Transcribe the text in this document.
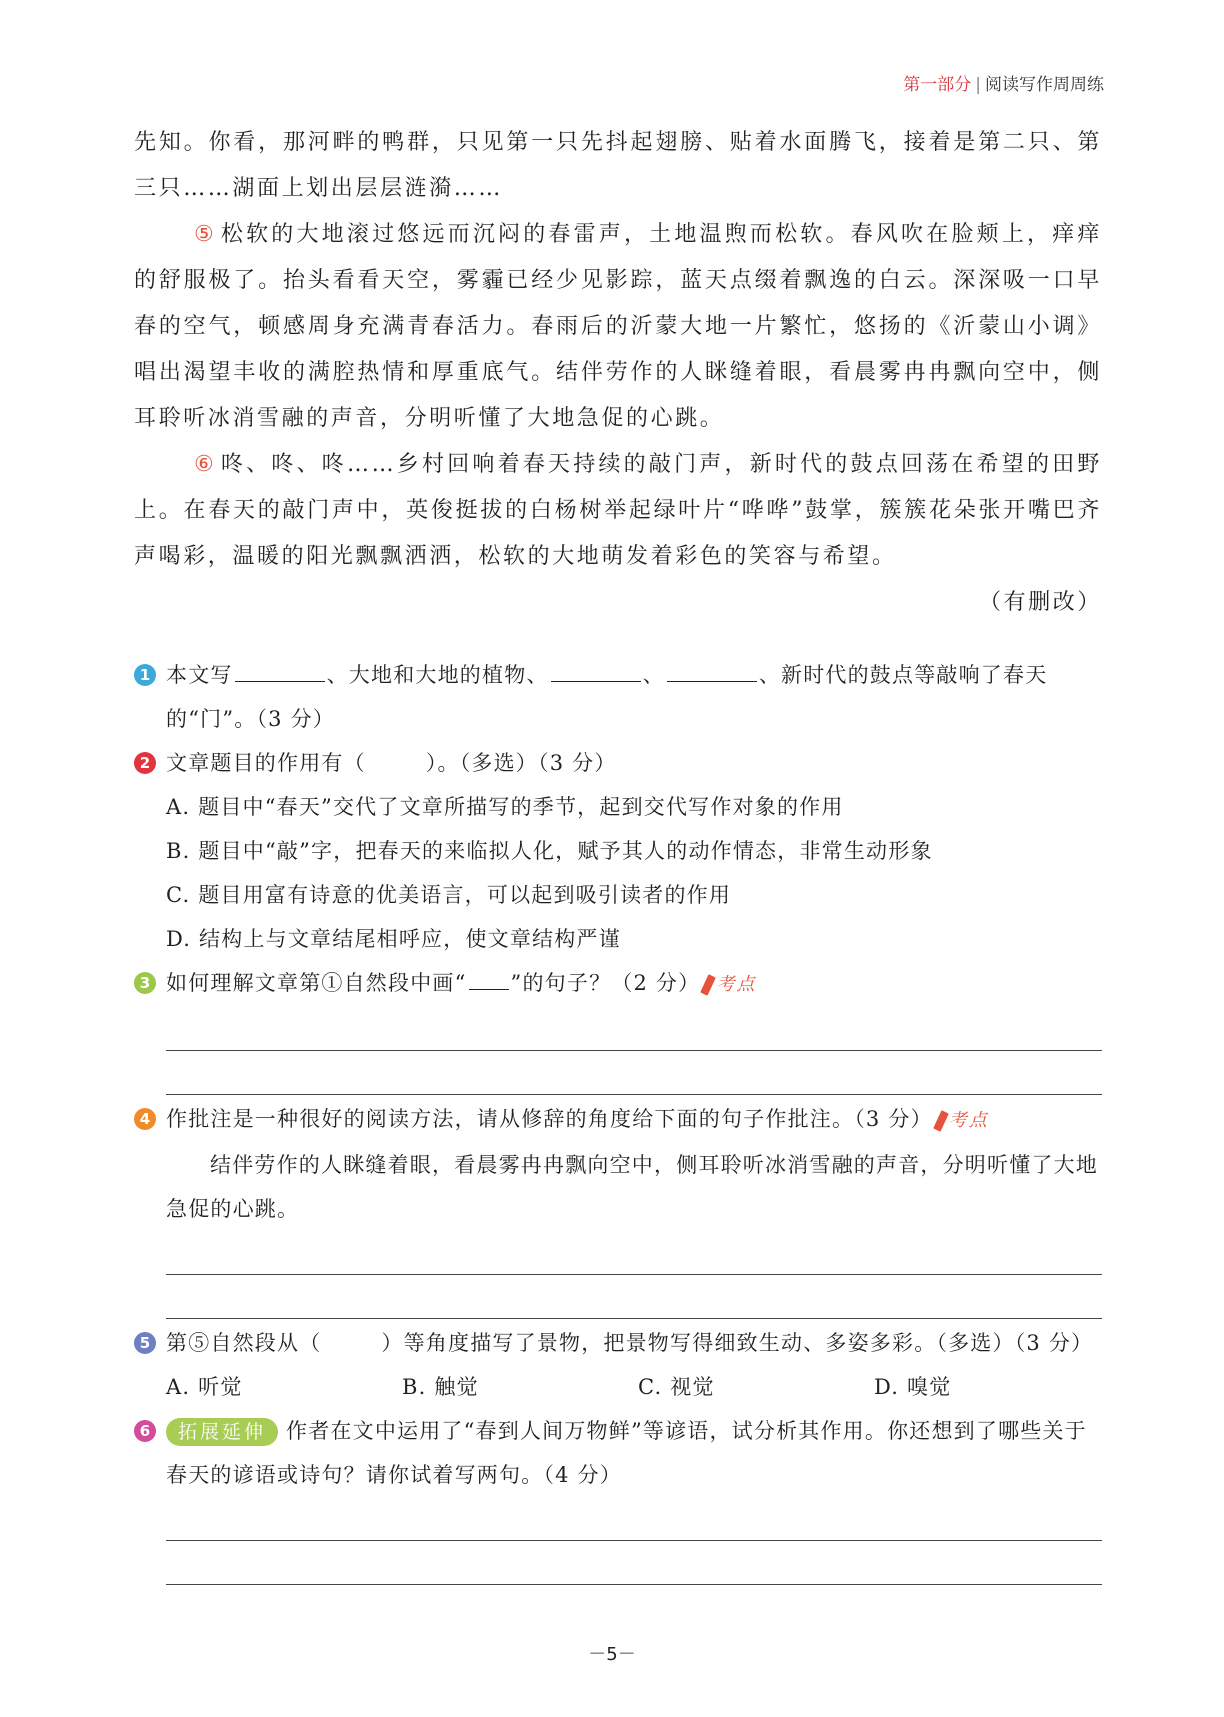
第一部分 | 阅读写作周周练

先知。你看，那河畔的鸭群，只见第一只先抖起翅膀、贴着水面腾飞，接着是第二只、第三只……湖面上划出层层涟漪……

⑤ 松软的大地滚过悠远而沉闷的春雷声，土地温煦而松软。春风吹在脸颊上，痒痒的舒服极了。抬头看看天空，雾霾已经少见影踪，蓝天点缀着飘逸的白云。深深吸一口早春的空气，顿感周身充满青春活力。春雨后的沂蒙大地一片繁忙，悠扬的《沂蒙山小调》唱出渴望丰收的满腔热情和厚重底气。结伴劳作的人眯缝着眼，看晨雾冉冉飘向空中，侧耳聆听冰消雪融的声音，分明听懂了大地急促的心跳。

⑥ 咚、咚、咚……乡村回响着春天持续的敲门声，新时代的鼓点回荡在希望的田野上。在春天的敲门声中，英俊挺拔的白杨树举起绿叶片“哗哗”鼓掌，簇簇花朵张开嘴巴齐声喝彩，温暖的阳光飘飘洒洒，松软的大地萌发着彩色的笑容与希望。

（有删改）

1 本文写	、大地和大地的植物、	、	、新时代的鼓点等敲响了春天的“门”。（3 分）
2 文章题目的作用有（	）。（多选）（3 分）
A. 题目中“春天”交代了文章所描写的季节，起到交代写作对象的作用
B. 题目中“敲”字，把春天的来临拟人化，赋予其人的动作情态，非常生动形象
C. 题目用富有诗意的优美语言，可以起到吸引读者的作用
D. 结构上与文章结尾相呼应，使文章结构严谨
3 如何理解文章第①自然段中画“ ”的句子？（2 分） 考点
4 作批注是一种很好的阅读方法，请从修辞的角度给下面的句子作批注。（3 分） 考点
结伴劳作的人眯缝着眼，看晨雾冉冉飘向空中，侧耳聆听冰消雪融的声音，分明听懂了大地急促的心跳。
5 第⑤自然段从（	）等角度描写了景物，把景物写得细致生动、多姿多彩。（多选）（3 分）
A. 听觉	B. 触觉	C. 视觉	D. 嗅觉
6	拓展延伸 作者在文中运用了“春到人间万物鲜”等谚语，试分析其作用。你还想到了哪些关于春天的谚语或诗句？请你试着写两句。（4 分）
－5－
